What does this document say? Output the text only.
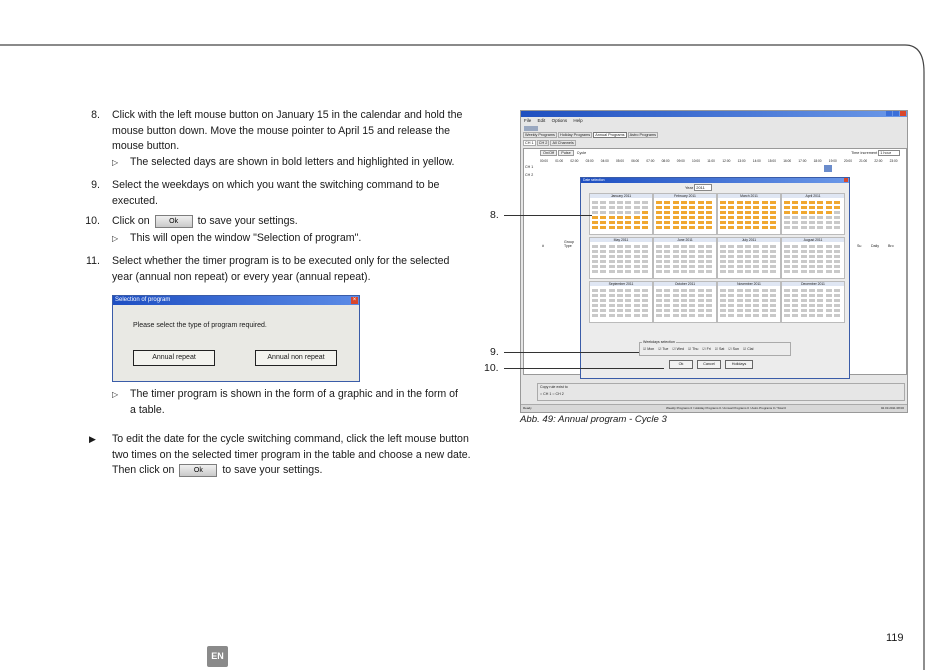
8. Click with the left mouse button on January 15 in the calendar and hold the
mouse button down. Move the mouse pointer to April 15 and release the
mouse button.
▷ The selected days are shown in bold letters and highlighted in yellow.
9. Select the weekdays on which you want the switching command to be
executed.
10. Click on	Ok to save your settings.
▷ This will open the window "Selection of program".
11. Select whether the timer program is to be executed only for the selected
year (annual non repeat) or every year (annual repeat).
Selection of program	×
Please select the type of program required.
Annual repeat	Annual non repeat
▷ The timer program is shown in the form of a graphic and in the form of
a table.
▶ To edit the date for the cycle switching command, click the left mouse button
two times on the selected timer program in the table and choose a new date.
Then click on	Ok to save your settings.
File Edit Options Help
Weekly Programs Holiday Programs Annual Programs Astro Programs
CH 1 CH 2 All Channels
On/Off Pulse Cycle	Time increment 1 hour
00:00 01:00 02:00 03:00 04:00 05:00 06:00 07:00 08:00 09:00 10:00 11:00 12:00 13:00 14:00 15:00 16:00 17:00 18:00 19:00 20:00 21:00 22:00 23:00
CH 1
CH 2
#
Group Type	Su	Daily	Bro
Date selection
Year 2011
January 2011	February 2011	March 2011	April 2011
May 2011	June 2011	July 2011	August 2011
September 2011	October 2011	November 2011	December 2011
Weekdays selection
☑ Mon ☑ Tue ☑ Wed ☑ Thu ☑ Fri ☑ Sat ☑ Sun ☑ Clal
Ok	Cancel	Holidays
Copy rule exist to
○ CH 1 ○ CH 2
Ready	Weekly Programs 0 / Holiday Programs 0 / Annual Programs 0 / Astro Programs 0 / Total 0	02.03.2011 08:00
8.
9.
10.
Abb. 49: Annual program - Cycle 3
119
EN
